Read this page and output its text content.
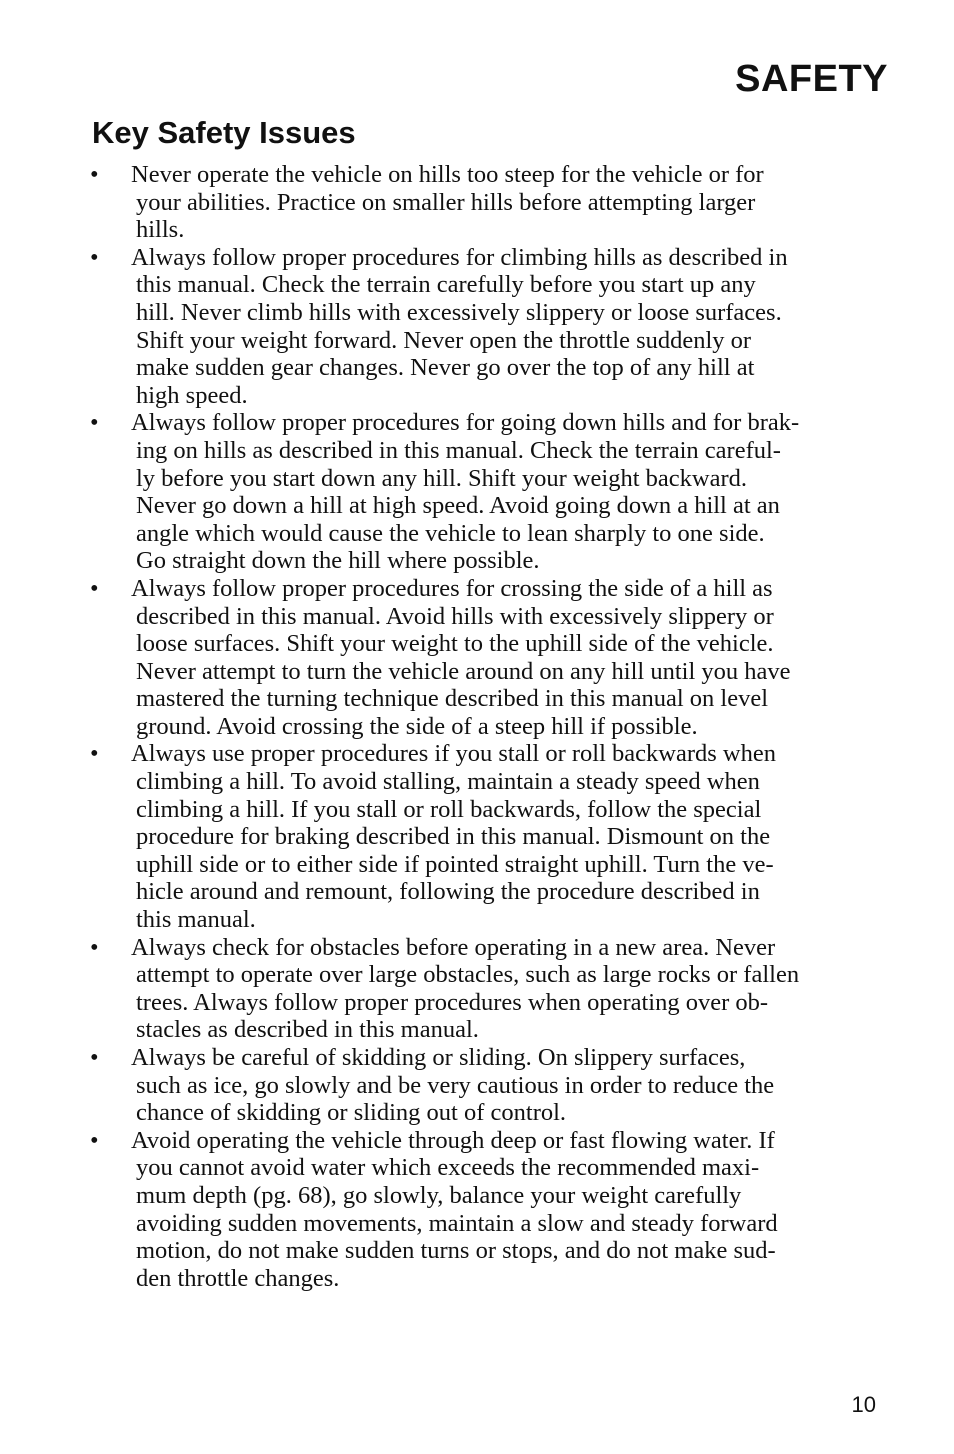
SAFETY
Key Safety Issues
• Never operate the vehicle on hills too steep for the vehicle or for
your abilities. Practice on smaller hills before attempting larger
hills.
• Always follow proper procedures for climbing hills as described in
this manual. Check the terrain carefully before you start up any
hill. Never climb hills with excessively slippery or loose surfaces.
Shift your weight forward. Never open the throttle suddenly or
make sudden gear changes. Never go over the top of any hill at
high speed.
• Always follow proper procedures for going down hills and for brak-
ing on hills as described in this manual. Check the terrain careful-
ly before you start down any hill. Shift your weight backward.
Never go down a hill at high speed. Avoid going down a hill at an
angle which would cause the vehicle to lean sharply to one side.
Go straight down the hill where possible.
• Always follow proper procedures for crossing the side of a hill as
described in this manual. Avoid hills with excessively slippery or
loose surfaces. Shift your weight to the uphill side of the vehicle.
Never attempt to turn the vehicle around on any hill until you have
mastered the turning technique described in this manual on level
ground. Avoid crossing the side of a steep hill if possible.
• Always use proper procedures if you stall or roll backwards when
climbing a hill. To avoid stalling, maintain a steady speed when
climbing a hill. If you stall or roll backwards, follow the special
procedure for braking described in this manual. Dismount on the
uphill side or to either side if pointed straight uphill. Turn the ve-
hicle around and remount, following the procedure described in
this manual.
• Always check for obstacles before operating in a new area. Never
attempt to operate over large obstacles, such as large rocks or fallen
trees. Always follow proper procedures when operating over ob-
stacles as described in this manual.
• Always be careful of skidding or sliding. On slippery surfaces,
such as ice, go slowly and be very cautious in order to reduce the
chance of skidding or sliding out of control.
• Avoid operating the vehicle through deep or fast flowing water. If
you cannot avoid water which exceeds the recommended maxi-
mum depth (pg. 68), go slowly, balance your weight carefully
avoiding sudden movements, maintain a slow and steady forward
motion, do not make sudden turns or stops, and do not make sud-
den throttle changes.
10
